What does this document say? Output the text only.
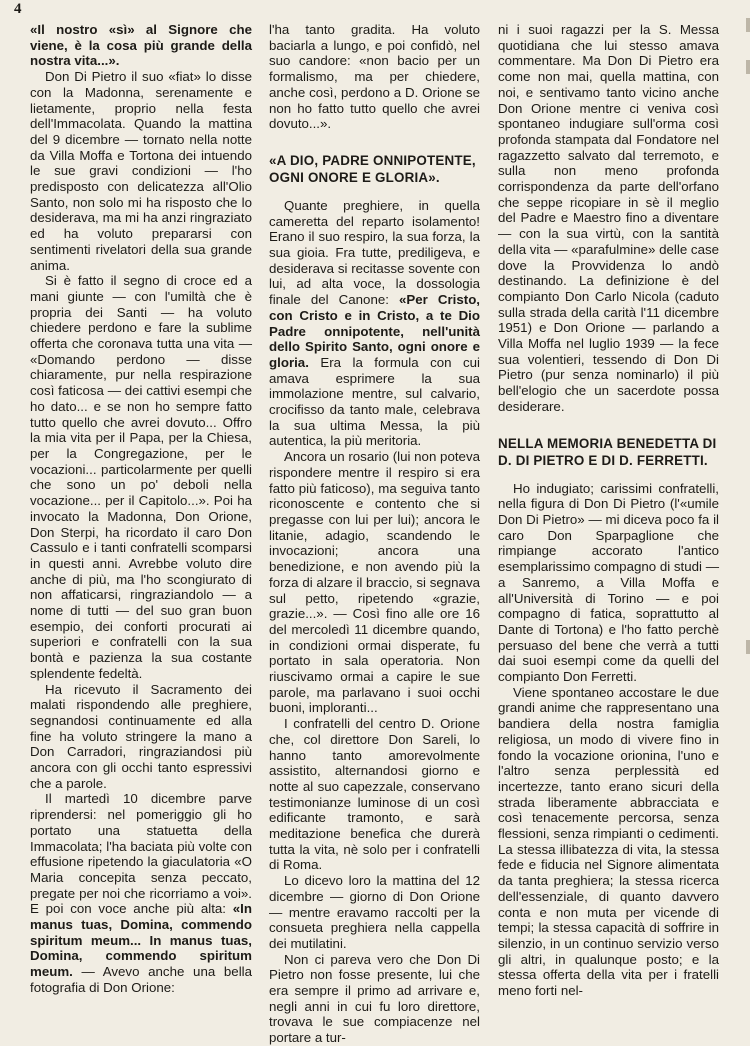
4

«Il nostro «sì» al Signore che viene, è la cosa più grande della nostra vita...».

Don Di Pietro il suo «fiat» lo disse con la Madonna, serenamente e lietamente, proprio nella festa dell'Immacolata. Quando la mattina del 9 dicembre — tornato nella notte da Villa Moffa e Tortona dei intuendo le sue gravi condizioni — l'ho predisposto con delicatezza all'Olio Santo, non solo mi ha risposto che lo desiderava, ma mi ha anzi ringraziato ed ha voluto prepararsi con sentimenti rivelatori della sua grande anima.

Si è fatto il segno di croce ed a mani giunte — con l'umiltà che è propria dei Santi — ha voluto chiedere perdono e fare la sublime offerta che coronava tutta una vita — «Domando perdono — disse chiaramente, pur nella respirazione così faticosa — dei cattivi esempi che ho dato... e se non ho sempre fatto tutto quello che avrei dovuto... Offro la mia vita per il Papa, per la Chiesa, per la Congregazione, per le vocazioni... particolarmente per quelli che sono un po' deboli nella vocazione... per il Capitolo...». Poi ha invocato la Madonna, Don Orione, Don Sterpi, ha ricordato il caro Don Cassulo e i tanti confratelli scomparsi in questi anni. Avrebbe voluto dire anche di più, ma l'ho scongiurato di non affaticarsi, ringraziandolo — a nome di tutti — del suo gran buon esempio, dei conforti procurati ai superiori e confratelli con la sua bontà e pazienza la sua costante splendente fedeltà.

Ha ricevuto il Sacramento dei malati rispondendo alle preghiere, segnandosi continuamente ed alla fine ha voluto stringere la mano a Don Carradori, ringraziandosi più ancora con gli occhi tanto espressivi che a parole.

Il martedì 10 dicembre parve riprendersi: nel pomeriggio gli ho portato una statuetta della Immacolata; l'ha baciata più volte con effusione ripetendo la giaculatoria «O Maria concepita senza peccato, pregate per noi che ricorriamo a voi». E poi con voce anche più alta: «In manus tuas, Domina, commendo spiritum meum... In manus tuas, Domina, commendo spiritum meum. — Avevo anche una bella fotografia di Don Orione:

l'ha tanto gradita. Ha voluto baciarla a lungo, e poi confidò, nel suo candore: «non bacio per un formalismo, ma per chiedere, anche così, perdono a D. Orione se non ho fatto tutto quello che avrei dovuto...».

«A DIO, PADRE ONNIPOTENTE, OGNI ONORE E GLORIA».

Quante preghiere, in quella cameretta del reparto isolamento! Erano il suo respiro, la sua forza, la sua gioia. Fra tutte, prediligeva, e desiderava si recitasse sovente con lui, ad alta voce, la dossologia finale del Canone: «Per Cristo, con Cristo e in Cristo, a te Dio Padre onnipotente, nell'unità dello Spirito Santo, ogni onore e gloria. Era la formula con cui amava esprimere la sua immolazione mentre, sul calvario, crocifisso da tanto male, celebrava la sua ultima Messa, la più autentica, la più meritoria.

Ancora un rosario (lui non poteva rispondere mentre il respiro si era fatto più faticoso), ma seguiva tanto riconoscente e contento che si pregasse con lui per lui); ancora le litanie, adagio, scandendo le invocazioni; ancora una benedizione, e non avendo più la forza di alzare il braccio, si segnava sul petto, ripetendo «grazie, grazie...». — Così fino alle ore 16 del mercoledì 11 dicembre quando, in condizioni ormai disperate, fu portato in sala operatoria. Non riuscivamo ormai a capire le sue parole, ma parlavano i suoi occhi buoni, imploranti...

I confratelli del centro D. Orione che, col direttore Don Sareli, lo hanno tanto amorevolmente assistito, alternandosi giorno e notte al suo capezzale, conservano testimonianze luminose di un così edificante tramonto, e sarà meditazione benefica che durerà tutta la vita, nè solo per i confratelli di Roma.

Lo dicevo loro la mattina del 12 dicembre — giorno di Don Orione — mentre eravamo raccolti per la consueta preghiera nella cappella dei mutilatini.

Non ci pareva vero che Don Di Pietro non fosse presente, lui che era sempre il primo ad arrivare e, negli anni in cui fu loro direttore, trovava le sue compiacenze nel portare a tur-

ni i suoi ragazzi per la S. Messa quotidiana che lui stesso amava commentare. Ma Don Di Pietro era come non mai, quella mattina, con noi, e sentivamo tanto vicino anche Don Orione mentre ci veniva così spontaneo indugiare sull'orma così profonda stampata dal Fondatore nel ragazzetto salvato dal terremoto, e sulla non meno profonda corrispondenza da parte dell'orfano che seppe ricopiare in sè il meglio del Padre e Maestro fino a diventare — con la sua virtù, con la santità della vita — «parafulmine» delle case dove la Provvidenza lo andò destinando. La definizione è del compianto Don Carlo Nicola (caduto sulla strada della carità l'11 dicembre 1951) e Don Orione — parlando a Villa Moffa nel luglio 1939 — la fece sua volentieri, tessendo di Don Di Pietro (pur senza nominarlo) il più bell'elogio che un sacerdote possa desiderare.

NELLA MEMORIA BENEDETTA DI D. DI PIETRO E DI D. FERRETTI.

Ho indugiato; carissimi confratelli, nella figura di Don Di Pietro (l'«umile Don Di Pietro» — mi diceva poco fa il caro Don Sparpaglione che rimpiange accorato l'antico esemplarissimo compagno di studi — a Sanremo, a Villa Moffa e all'Università di Torino — e poi compagno di fatica, soprattutto al Dante di Tortona) e l'ho fatto perchè persuaso del bene che verrà a tutti dai suoi esempi come da quelli del compianto Don Ferretti.

Viene spontaneo accostare le due grandi anime che rappresentano una bandiera della nostra famiglia religiosa, un modo di vivere fino in fondo la vocazione orionina, l'uno e l'altro senza perplessità ed incertezze, tanto erano sicuri della strada liberamente abbracciata e così tenacemente percorsa, senza flessioni, senza rimpianti o cedimenti. La stessa illibatezza di vita, la stessa fede e fiducia nel Signore alimentata da tanta preghiera; la stessa ricerca dell'essenziale, di quanto davvero conta e non muta per vicende di tempi; la stessa capacità di soffrire in silenzio, in un continuo servizio verso gli altri, in qualunque posto; e la stessa offerta della vita per i fratelli meno forti nel-
